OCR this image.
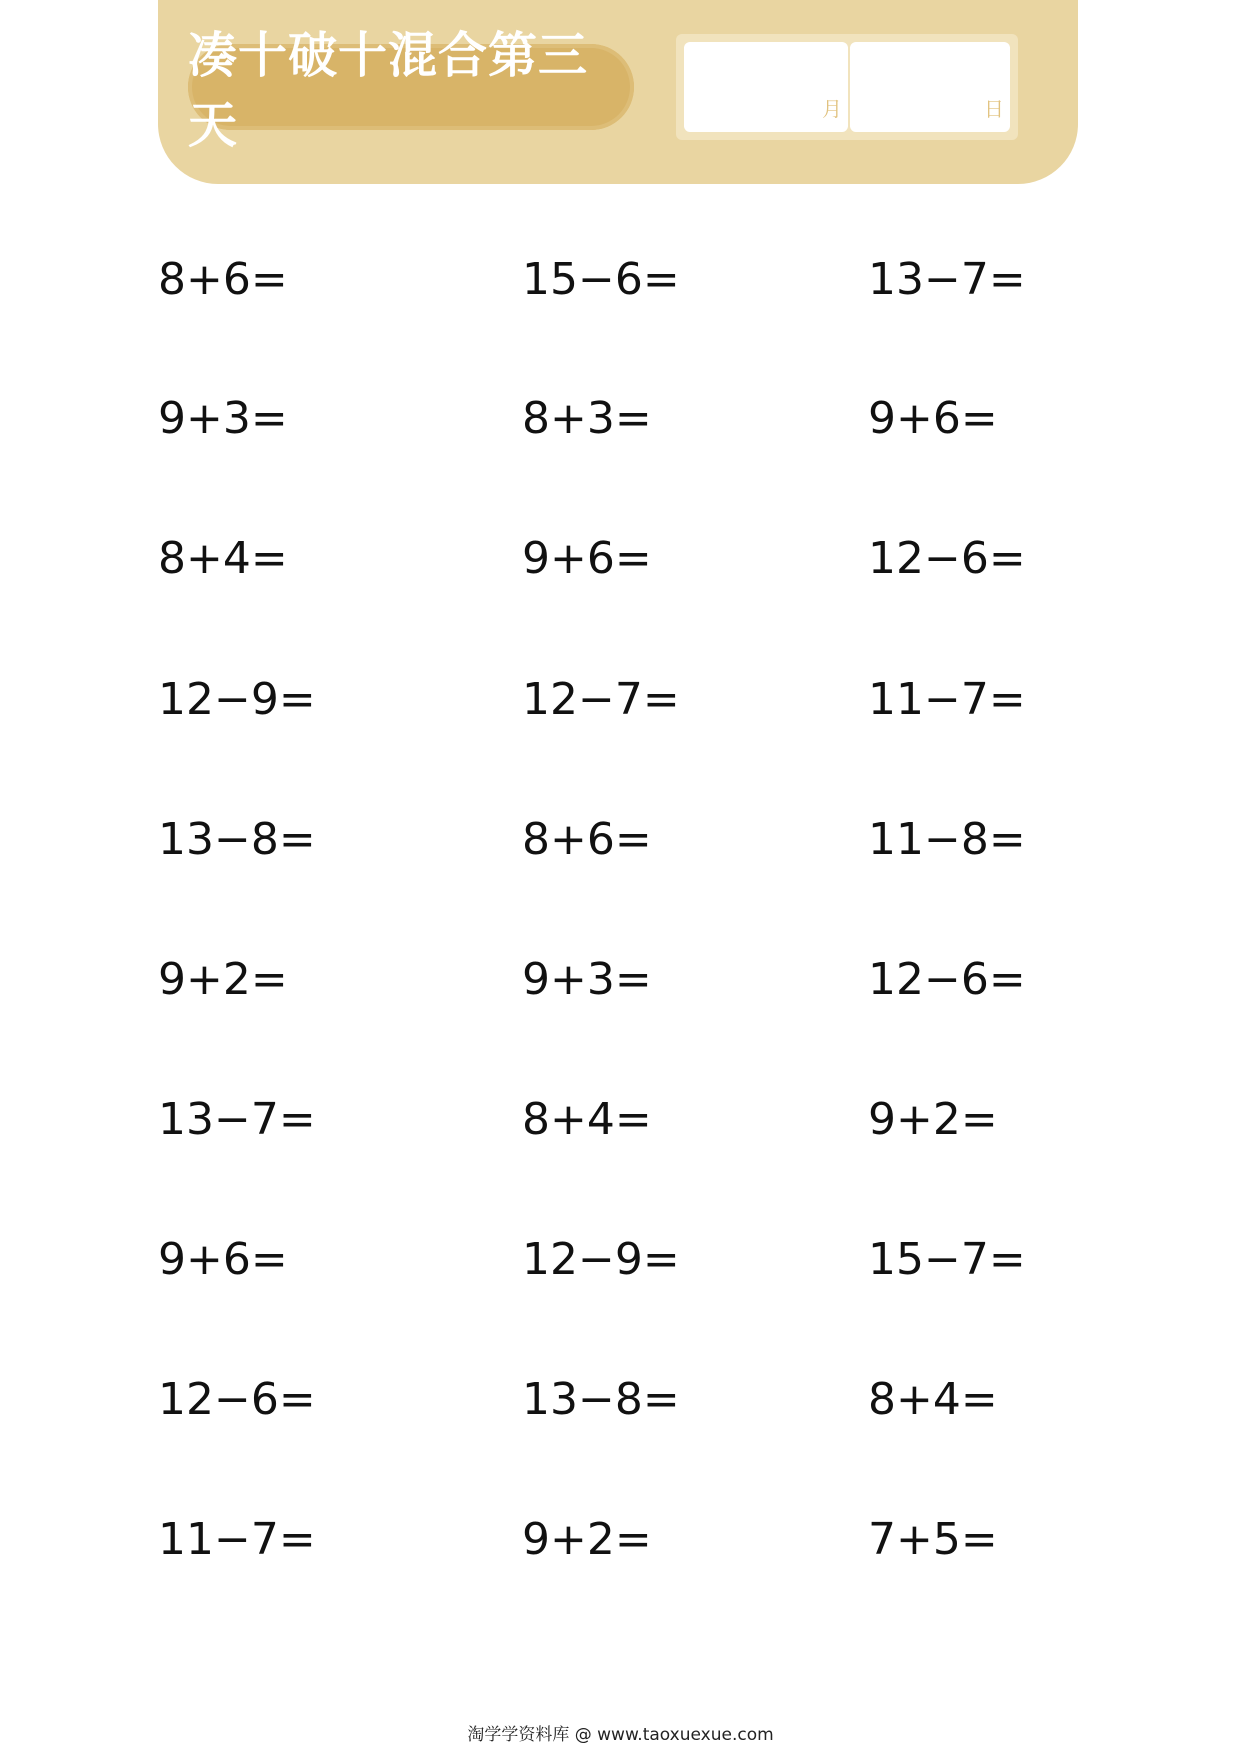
凑十破十混合第三天	月	日
8+6=	15−6=	13−7=
9+3=	8+3=	9+6=
8+4=	9+6=	12−6=
12−9=	12−7=	11−7=
13−8=	8+6=	11−8=
9+2=	9+3=	12−6=
13−7=	8+4=	9+2=
9+6=	12−9=	15−7=
12−6=	13−8=	8+4=
11−7=	9+2=	7+5=
淘学学资料库 @ www.taoxuexue.com
